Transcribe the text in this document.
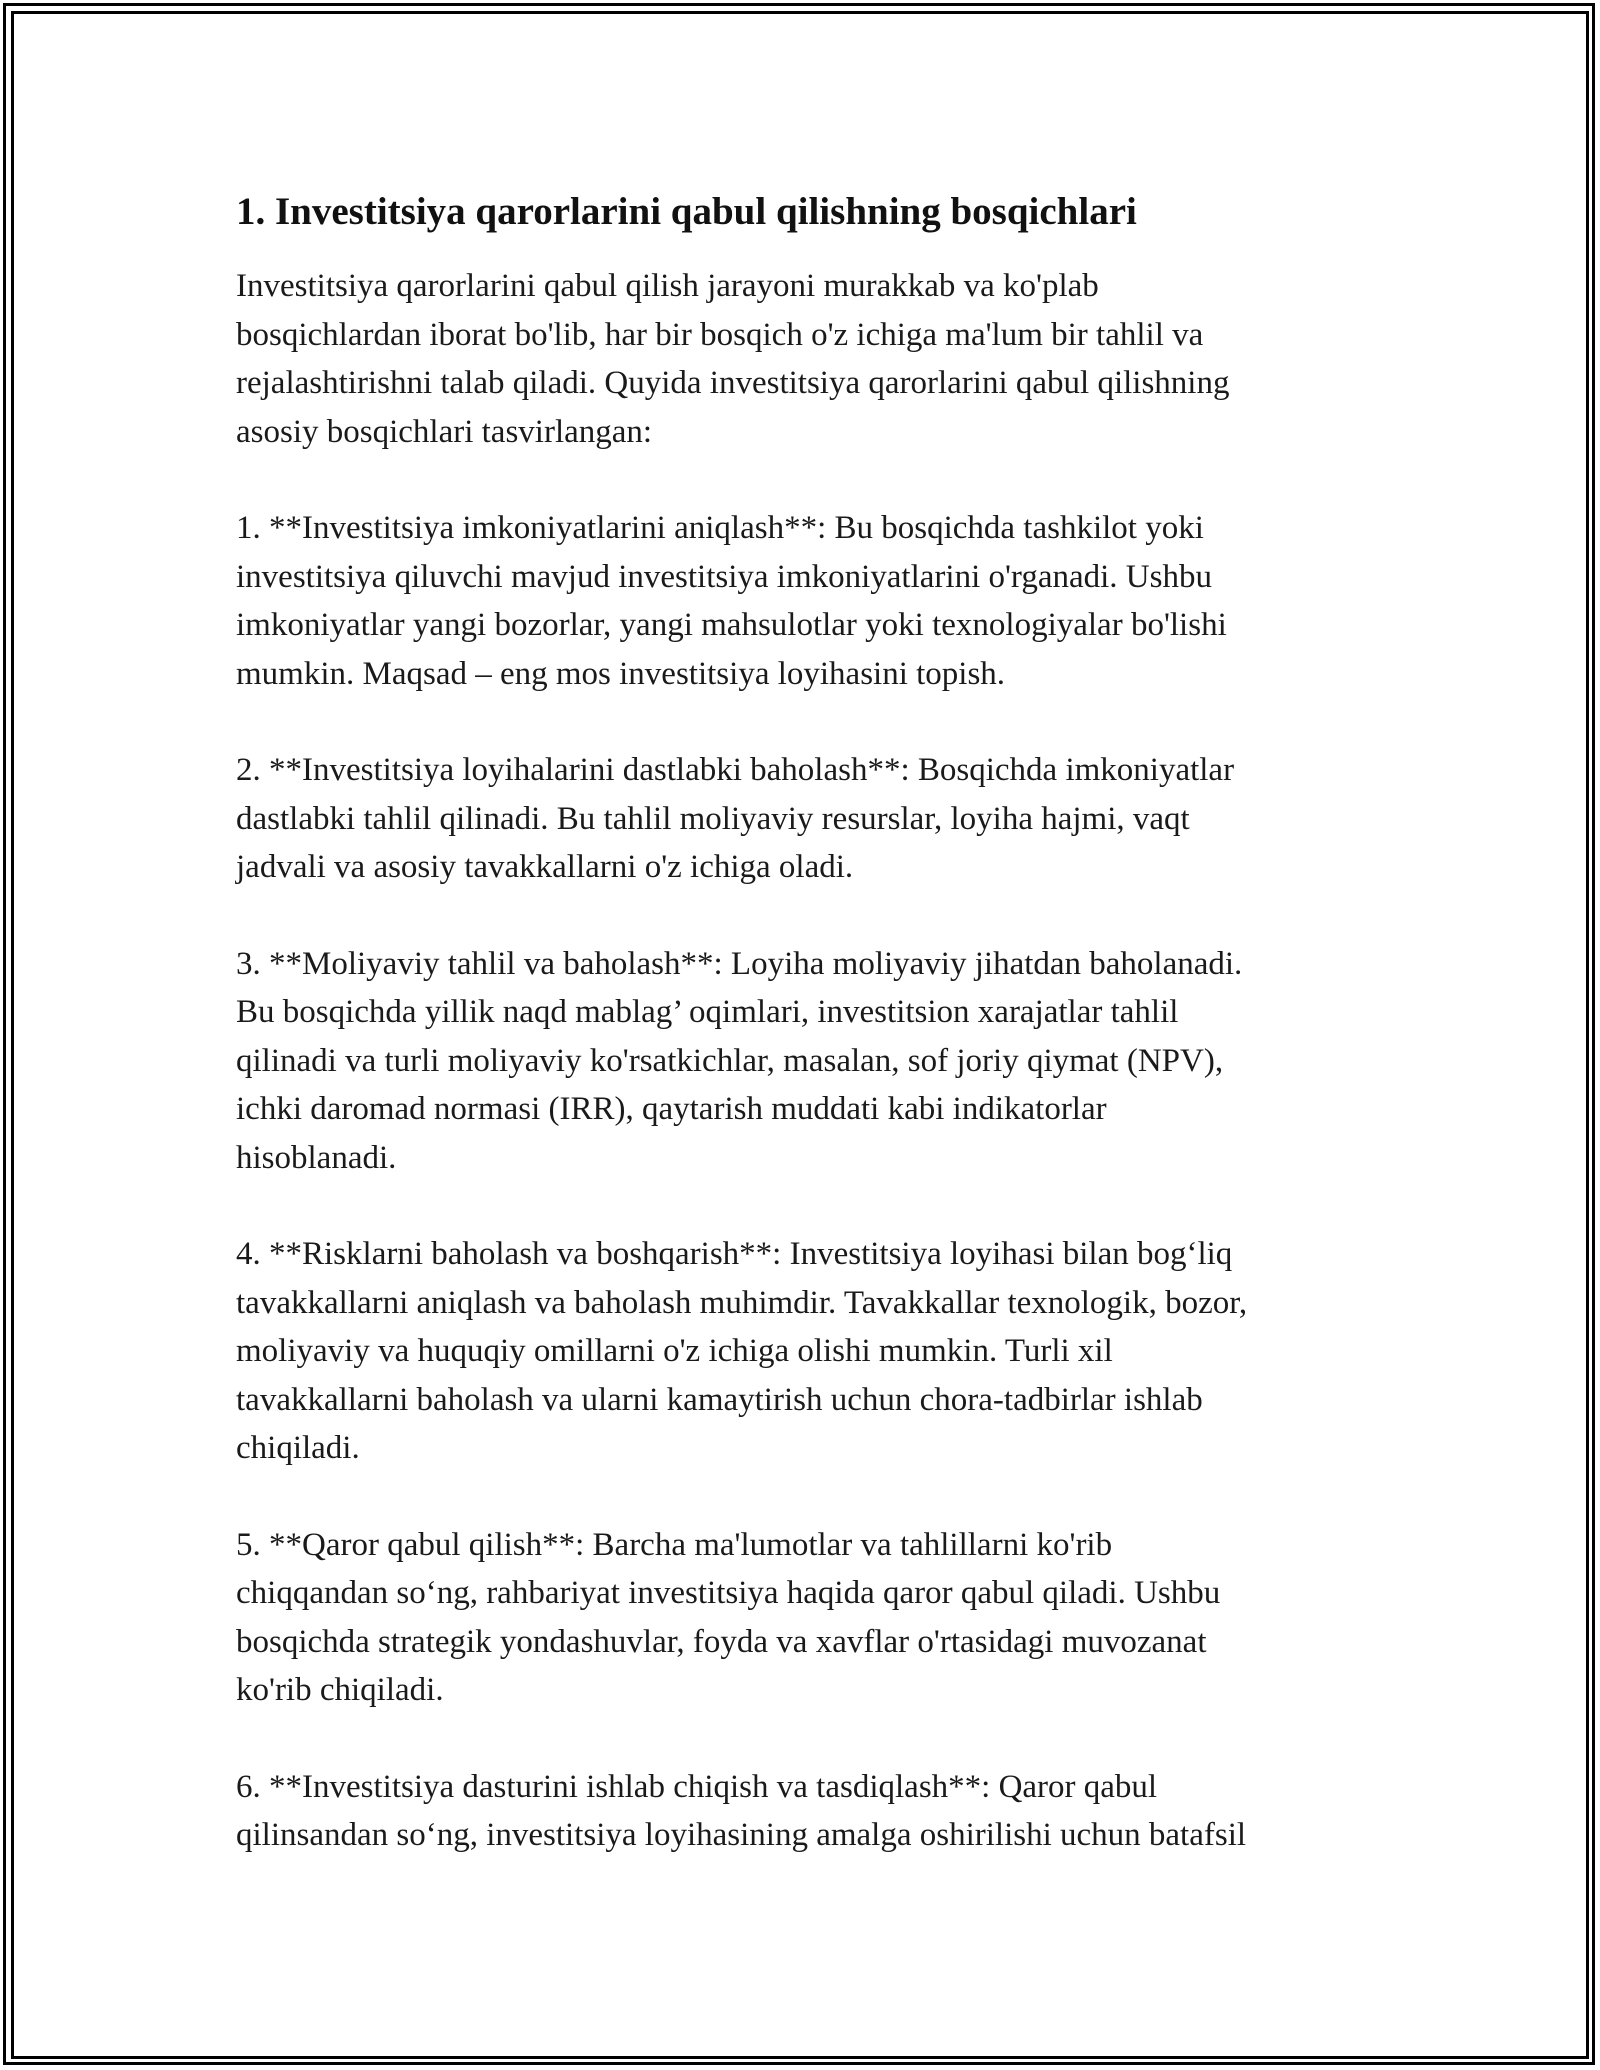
1. Investitsiya qarorlarini qabul qilishning bosqichlari

Investitsiya qarorlarini qabul qilish jarayoni murakkab va ko'plab
bosqichlardan iborat bo'lib, har bir bosqich o'z ichiga ma'lum bir tahlil va
rejalashtirishni talab qiladi. Quyida investitsiya qarorlarini qabul qilishning
asosiy bosqichlari tasvirlangan:

1. **Investitsiya imkoniyatlarini aniqlash**: Bu bosqichda tashkilot yoki
investitsiya qiluvchi mavjud investitsiya imkoniyatlarini o'rganadi. Ushbu
imkoniyatlar yangi bozorlar, yangi mahsulotlar yoki texnologiyalar bo'lishi
mumkin. Maqsad – eng mos investitsiya loyihasini topish.

2. **Investitsiya loyihalarini dastlabki baholash**: Bosqichda imkoniyatlar
dastlabki tahlil qilinadi. Bu tahlil moliyaviy resurslar, loyiha hajmi, vaqt
jadvali va asosiy tavakkallarni o'z ichiga oladi.

3. **Moliyaviy tahlil va baholash**: Loyiha moliyaviy jihatdan baholanadi.
Bu bosqichda yillik naqd mablag’ oqimlari, investitsion xarajatlar tahlil
qilinadi va turli moliyaviy ko'rsatkichlar, masalan, sof joriy qiymat (NPV),
ichki daromad normasi (IRR), qaytarish muddati kabi indikatorlar
hisoblanadi.

4. **Risklarni baholash va boshqarish**: Investitsiya loyihasi bilan bog‘liq
tavakkallarni aniqlash va baholash muhimdir. Tavakkallar texnologik, bozor,
moliyaviy va huquqiy omillarni o'z ichiga olishi mumkin. Turli xil
tavakkallarni baholash va ularni kamaytirish uchun chora-tadbirlar ishlab
chiqiladi.

5. **Qaror qabul qilish**: Barcha ma'lumotlar va tahlillarni ko'rib
chiqqandan so‘ng, rahbariyat investitsiya haqida qaror qabul qiladi. Ushbu
bosqichda strategik yondashuvlar, foyda va xavflar o'rtasidagi muvozanat
ko'rib chiqiladi.

6. **Investitsiya dasturini ishlab chiqish va tasdiqlash**: Qaror qabul
qilinsandan so‘ng, investitsiya loyihasining amalga oshirilishi uchun batafsil
